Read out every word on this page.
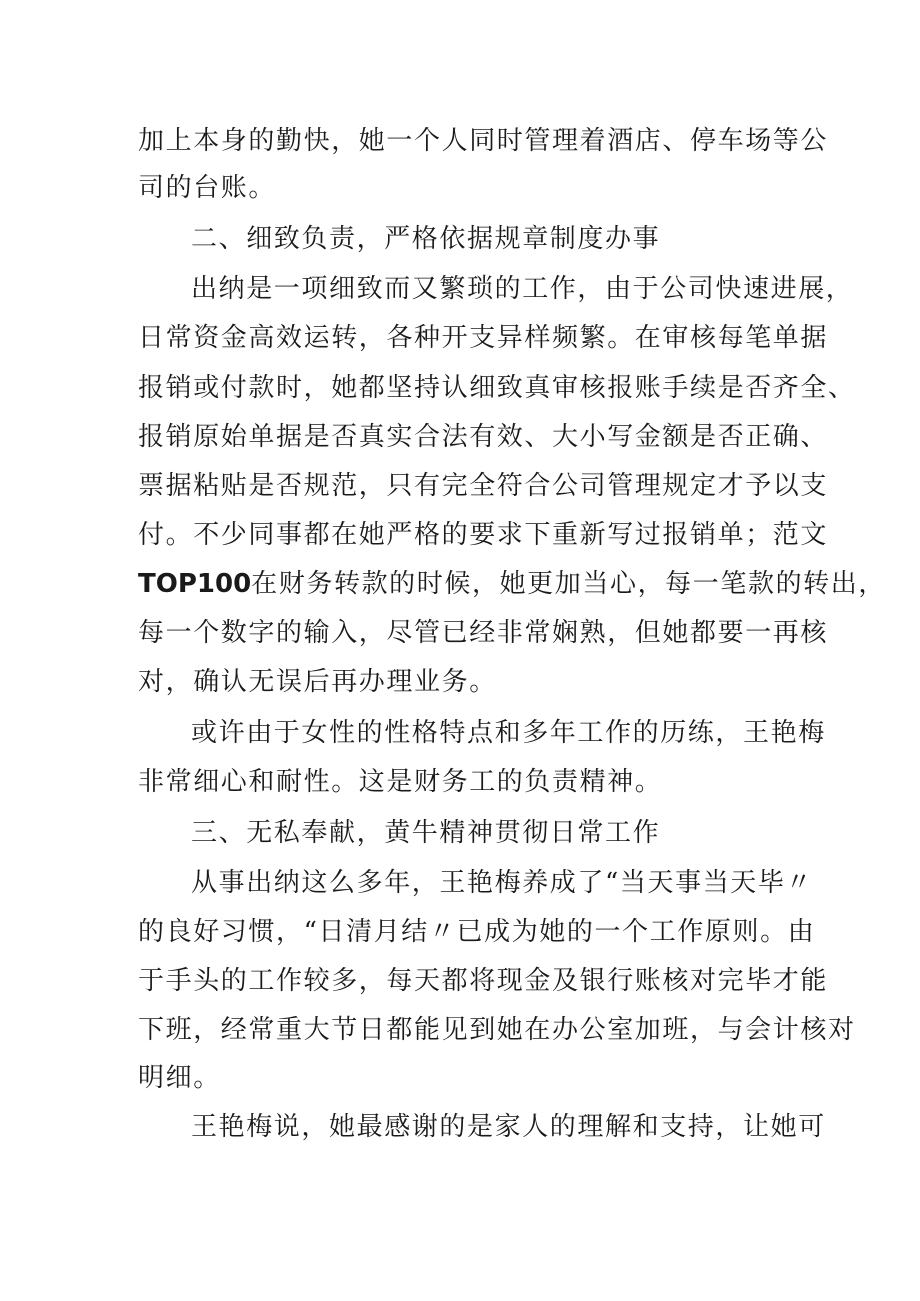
加上本身的勤快，她一个人同时管理着酒店、停车场等公
司的台账。
二、细致负责，严格依据规章制度办事
出纳是一项细致而又繁琐的工作，由于公司快速进展，
日常资金高效运转，各种开支异样频繁。在审核每笔单据
报销或付款时，她都坚持认细致真审核报账手续是否齐全、
报销原始单据是否真实合法有效、大小写金额是否正确、
票据粘贴是否规范，只有完全符合公司管理规定才予以支
付。不少同事都在她严格的要求下重新写过报销单；范文
TOP100在财务转款的时候，她更加当心，每一笔款的转出，
每一个数字的输入，尽管已经非常娴熟，但她都要一再核
对，确认无误后再办理业务。
或许由于女性的性格特点和多年工作的历练，王艳梅
非常细心和耐性。这是财务工的负责精神。
三、无私奉献，黄牛精神贯彻日常工作
从事出纳这么多年，王艳梅养成了“当天事当天毕〃
的良好习惯，“日清月结〃已成为她的一个工作原则。由
于手头的工作较多，每天都将现金及银行账核对完毕才能
下班，经常重大节日都能见到她在办公室加班，与会计核对
明细。
王艳梅说，她最感谢的是家人的理解和支持，让她可
